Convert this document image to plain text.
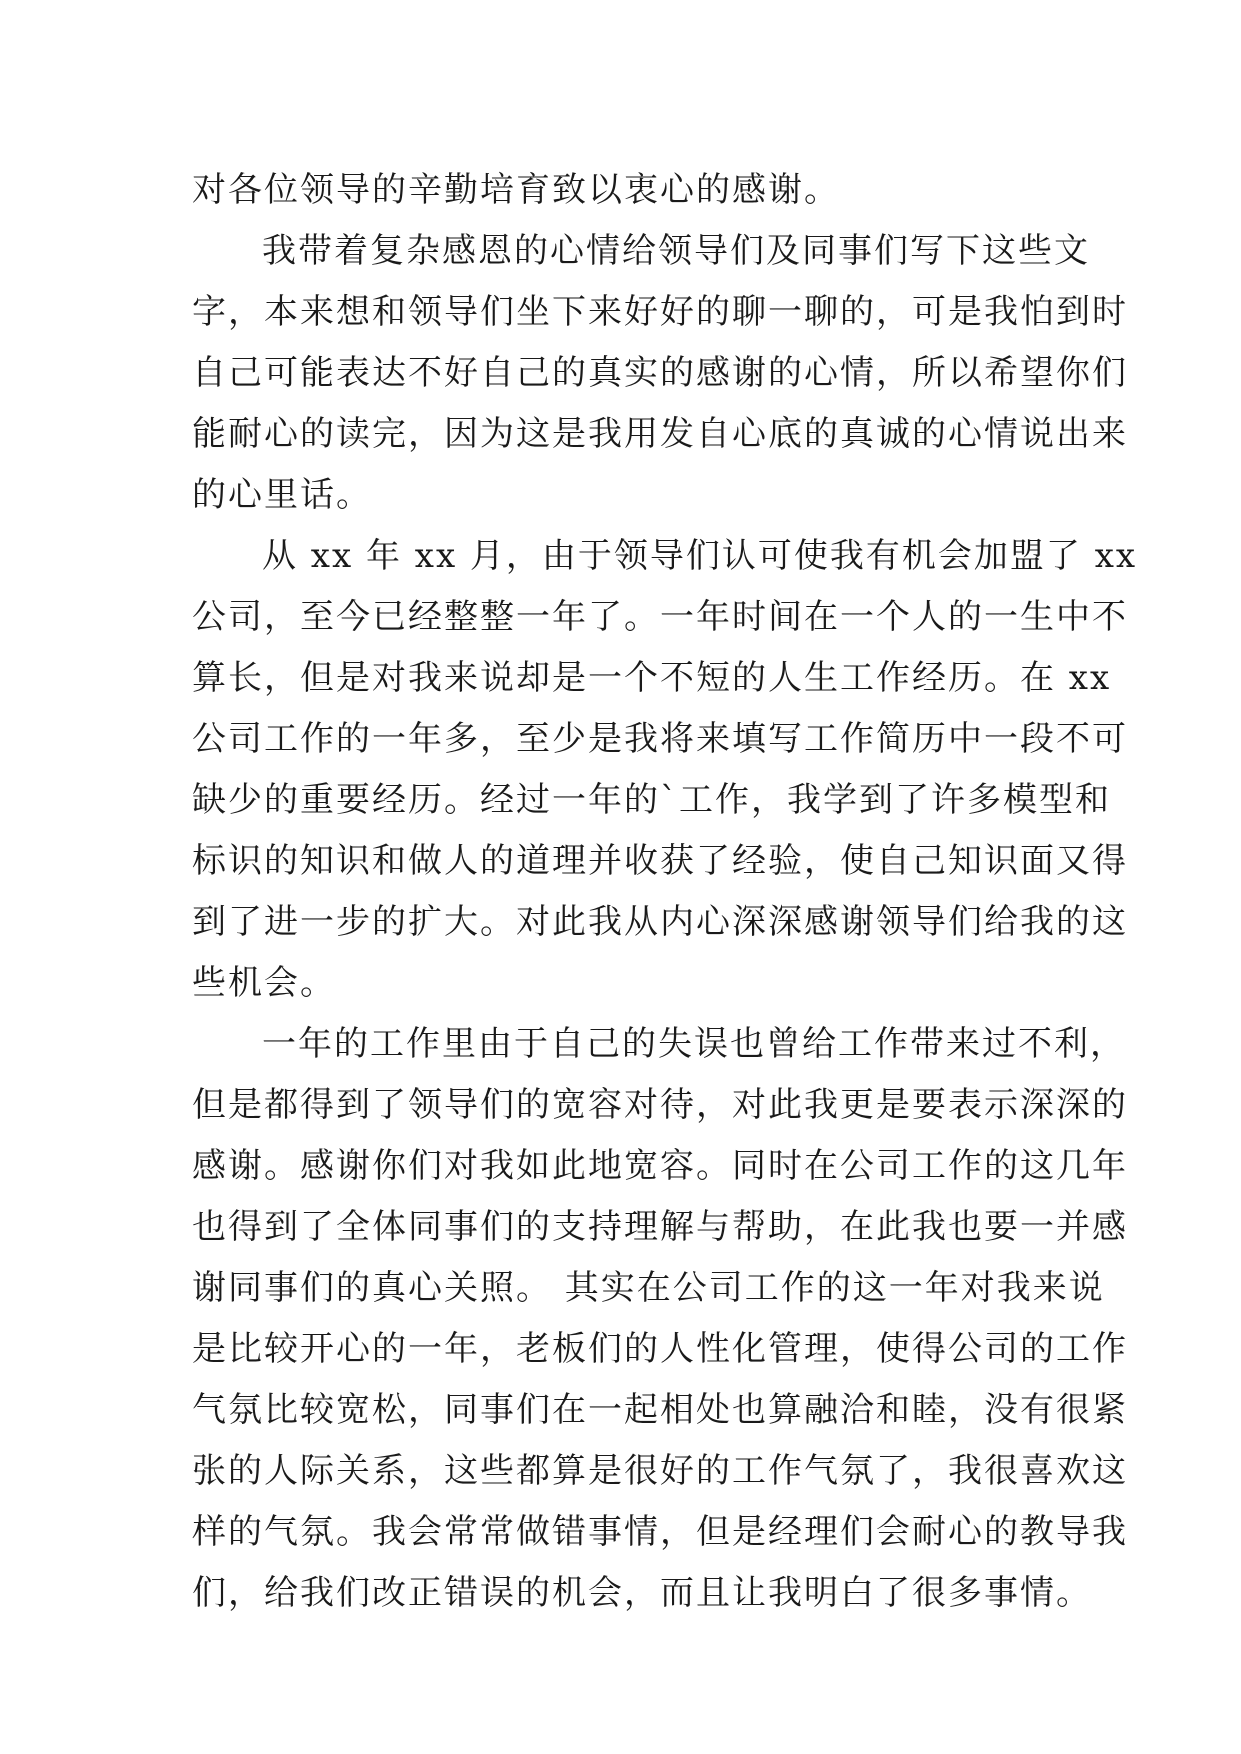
对各位领导的辛勤培育致以衷心的感谢。
我带着复杂感恩的心情给领导们及同事们写下这些文
字，本来想和领导们坐下来好好的聊一聊的，可是我怕到时
自己可能表达不好自己的真实的感谢的心情，所以希望你们
能耐心的读完，因为这是我用发自心底的真诚的心情说出来
的心里话。
从 xx 年 xx 月，由于领导们认可使我有机会加盟了 xx
公司，至今已经整整一年了。一年时间在一个人的一生中不
算长，但是对我来说却是一个不短的人生工作经历。在 xx
公司工作的一年多，至少是我将来填写工作简历中一段不可
缺少的重要经历。经过一年的`工作，我学到了许多模型和
标识的知识和做人的道理并收获了经验，使自己知识面又得
到了进一步的扩大。对此我从内心深深感谢领导们给我的这
些机会。
一年的工作里由于自己的失误也曾给工作带来过不利，
但是都得到了领导们的宽容对待，对此我更是要表示深深的
感谢。感谢你们对我如此地宽容。同时在公司工作的这几年
也得到了全体同事们的支持理解与帮助，在此我也要一并感
谢同事们的真心关照。 其实在公司工作的这一年对我来说
是比较开心的一年，老板们的人性化管理，使得公司的工作
气氛比较宽松，同事们在一起相处也算融洽和睦，没有很紧
张的人际关系，这些都算是很好的工作气氛了，我很喜欢这
样的气氛。我会常常做错事情，但是经理们会耐心的教导我
们，给我们改正错误的机会，而且让我明白了很多事情。
